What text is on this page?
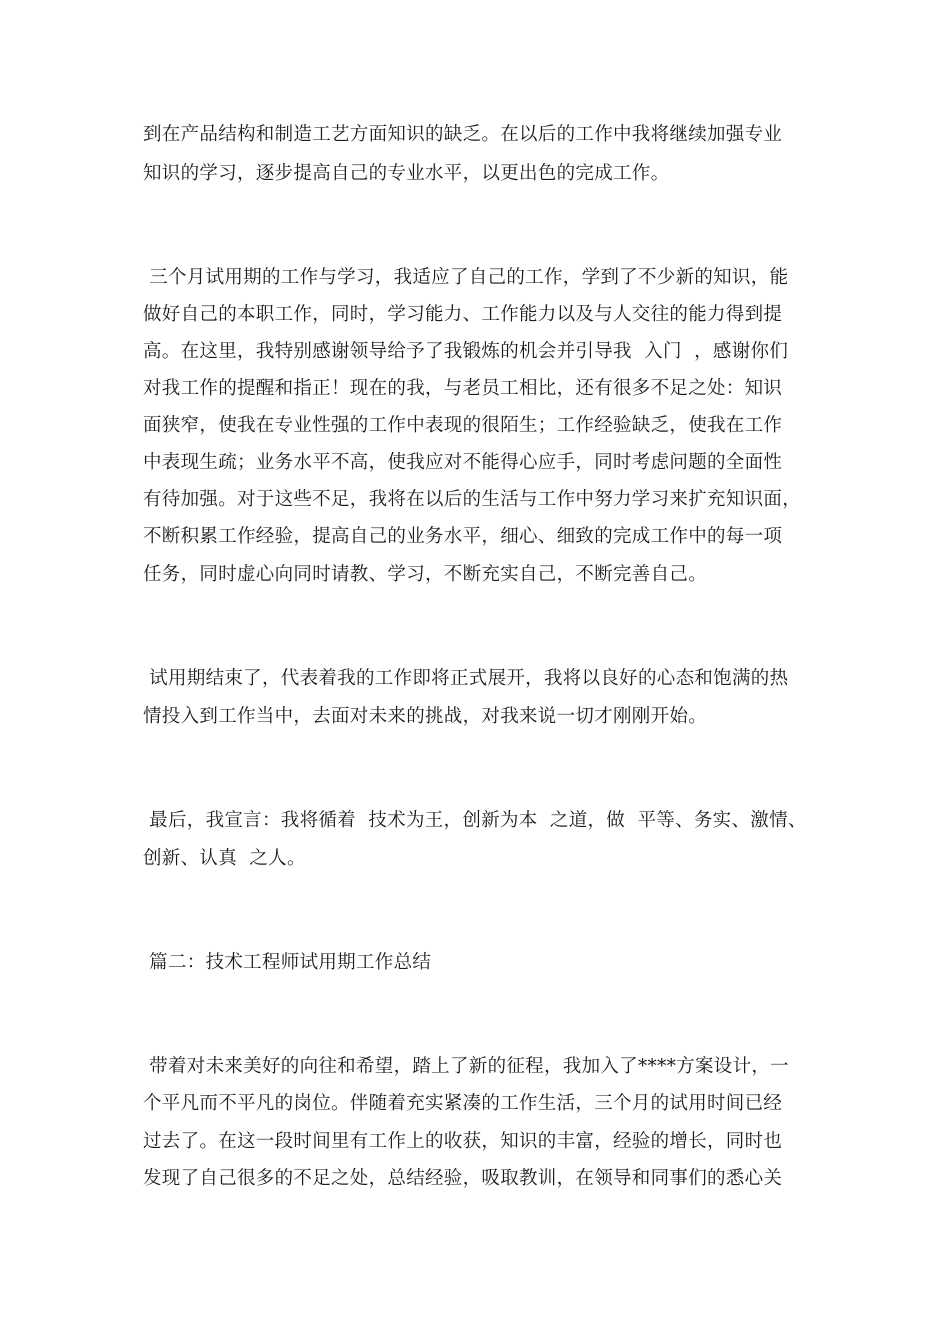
到在产品结构和制造工艺方面知识的缺乏。在以后的工作中我将继续加强专业
知识的学习，逐步提高自己的专业水平，以更出色的完成工作。
三个月试用期的工作与学习，我适应了自己的工作，学到了不少新的知识，能
做好自己的本职工作，同时，学习能力、工作能力以及与人交往的能力得到提
高。在这里，我特别感谢领导给予了我锻炼的机会并引导我  入门  ，感谢你们
对我工作的提醒和指正！现在的我，与老员工相比，还有很多不足之处：知识
面狭窄，使我在专业性强的工作中表现的很陌生；工作经验缺乏，使我在工作
中表现生疏；业务水平不高，使我应对不能得心应手，同时考虑问题的全面性
有待加强。对于这些不足，我将在以后的生活与工作中努力学习来扩充知识面，
不断积累工作经验，提高自己的业务水平，细心、细致的完成工作中的每一项
任务，同时虚心向同时请教、学习，不断充实自己，不断完善自己。
试用期结束了，代表着我的工作即将正式展开，我将以良好的心态和饱满的热
情投入到工作当中，去面对未来的挑战，对我来说一切才刚刚开始。
最后，我宣言：我将循着  技术为王，创新为本  之道，做  平等、务实、激情、
创新、认真  之人。
篇二：技术工程师试用期工作总结
带着对未来美好的向往和希望，踏上了新的征程，我加入了****方案设计，一
个平凡而不平凡的岗位。伴随着充实紧凑的工作生活，三个月的试用时间已经
过去了。在这一段时间里有工作上的收获，知识的丰富，经验的增长，同时也
发现了自己很多的不足之处，总结经验，吸取教训，在领导和同事们的悉心关
